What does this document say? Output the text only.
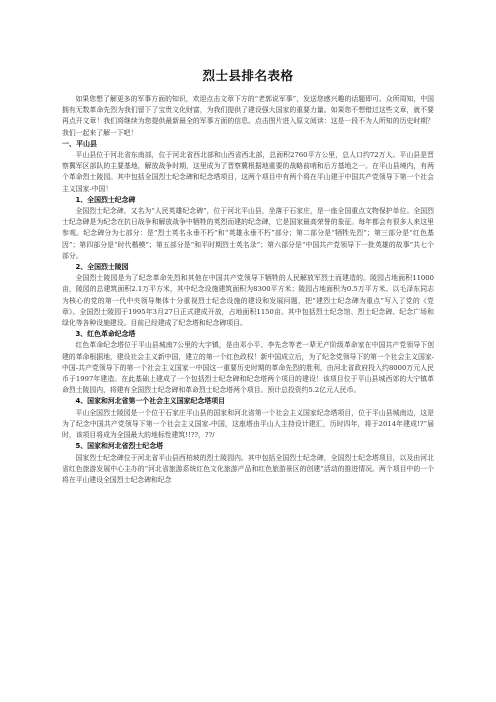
烈士县排名表格

如果您想了解更多的军事方面的知识，欢迎点击文章下方的“老郭说军事”，发送您感兴趣的话题即可。众所周知，中国拥有无数革命先烈为我们留下了宝贵文化财富，为我们提供了建设强大国家的重要力量。如果您不想错过这些文章，就不要再点开文章！我们将继续为您提供最新最全的军事方面的信息。点击图片进入原文阅读：这是一段不为人所知的历史时期？我们一起来了解一下吧！

一、平山县

平山县位于河北省东南部，位于河北省西北部和山西省西北部，总面积2760平方公里，总人口约72万人。平山县是晋察冀军区部队的主要基地，解放战争时期，这里成为了晋察冀根据地重要的战略前哨和后方基地之一。在平山县境内，有两个革命烈士陵园。其中包括全国烈士纪念碑和纪念塔项目，这两个项目中有两个将在平山建于中国共产党领导下第一个社会主义国家-中国！

1、全国烈士纪念碑

全国烈士纪念碑，又名为“人民英雄纪念碑”，位于河北平山县，坐落于石家庄，是一座全国重点文物保护单位。全国烈士纪念碑是为纪念在抗日战争和解放战争中牺牲的英烈而建的纪念碑，它是国家最高荣誉的象征。每年都会有很多人来这里参观。纪念碑分为七部分：是“烈士英名永垂不朽”和“英雄永垂不朽”部分；第二部分是“牺牲先烈”；第三部分是“红色基因”；第四部分是“时代楷模”；第五部分是“和平时期烈士英名录”；第六部分是“中国共产党领导下一批英雄的故事”共七个部分。

2、全国烈士陵园

全国烈士陵园是为了纪念革命先烈和其他在中国共产党领导下牺牲的人民解放军烈士而建造的。陵园占地面积11000亩，陵园的总建筑面积2.1万平方米，其中纪念设施建筑面积为8300平方米；陵园占地面积为0.5万平方米。以毛泽东同志为核心的党的第一代中央领导集体十分重视烈士纪念设施的建设和发展问题，把“建烈士纪念碑为重点”写入了党的《党章》。全国烈士陵园于1995年3月27日正式建成开放，占地面积1150亩。其中包括烈士纪念馆、烈士纪念碑、纪念广场和绿化等各种设施建设。目前已经建成了纪念塔和纪念碑项目。

3、红色革命纪念塔

红色革命纪念塔位于平山县城南7公里的大宇镇，是由邓小平、李先念等老一辈无产阶级革命家在中国共产党领导下创建的革命根据地，建设社会主义新中国，建立的第一个红色政权！新中国成立后，为了纪念党领导下的第一个社会主义国家-中国-共产党领导下的第一个社会主义国家一中国这一重要历史时期的革命先烈的胜利，由河北省政府投入约8000万元人民币于1997年建造。在此基础上建成了一个包括烈士纪念碑和纪念塔两个项目的建设！该项目位于平山县城西郊的大宁镇革命烈士陵园内，将建有全国烈士纪念碑和革命烈士纪念塔两个项目。预计总投资约5.2亿元人民币。

4、国家和河北省第一个社会主义国家纪念塔项目

平山全国烈士陵园是一个位于石家庄平山县的国家和河北省第一个社会主义国家纪念塔项目，位于平山县城南边，这是为了纪念中国共产党领导下第一个社会主义国家-中国，这座塔由平山人主持设计建汇，历时四年，将于2014年建成!?“届时，该项目将成为全国最大的地标性建筑!!??，??/

5、国家和河北省烈士纪念塔

国家烈士纪念碑位于河北省平山县西柏坡的烈士陵园内。其中包括全国烈士纪念碑，全国烈士纪念塔项目，以及由河北省红色旅游发展中心主办的“河北省旅游系统红色文化旅游产品和红色旅游景区的创建”活动的推进情况。两个项目中的一个将在平山建设全国烈士纪念碑和纪念
